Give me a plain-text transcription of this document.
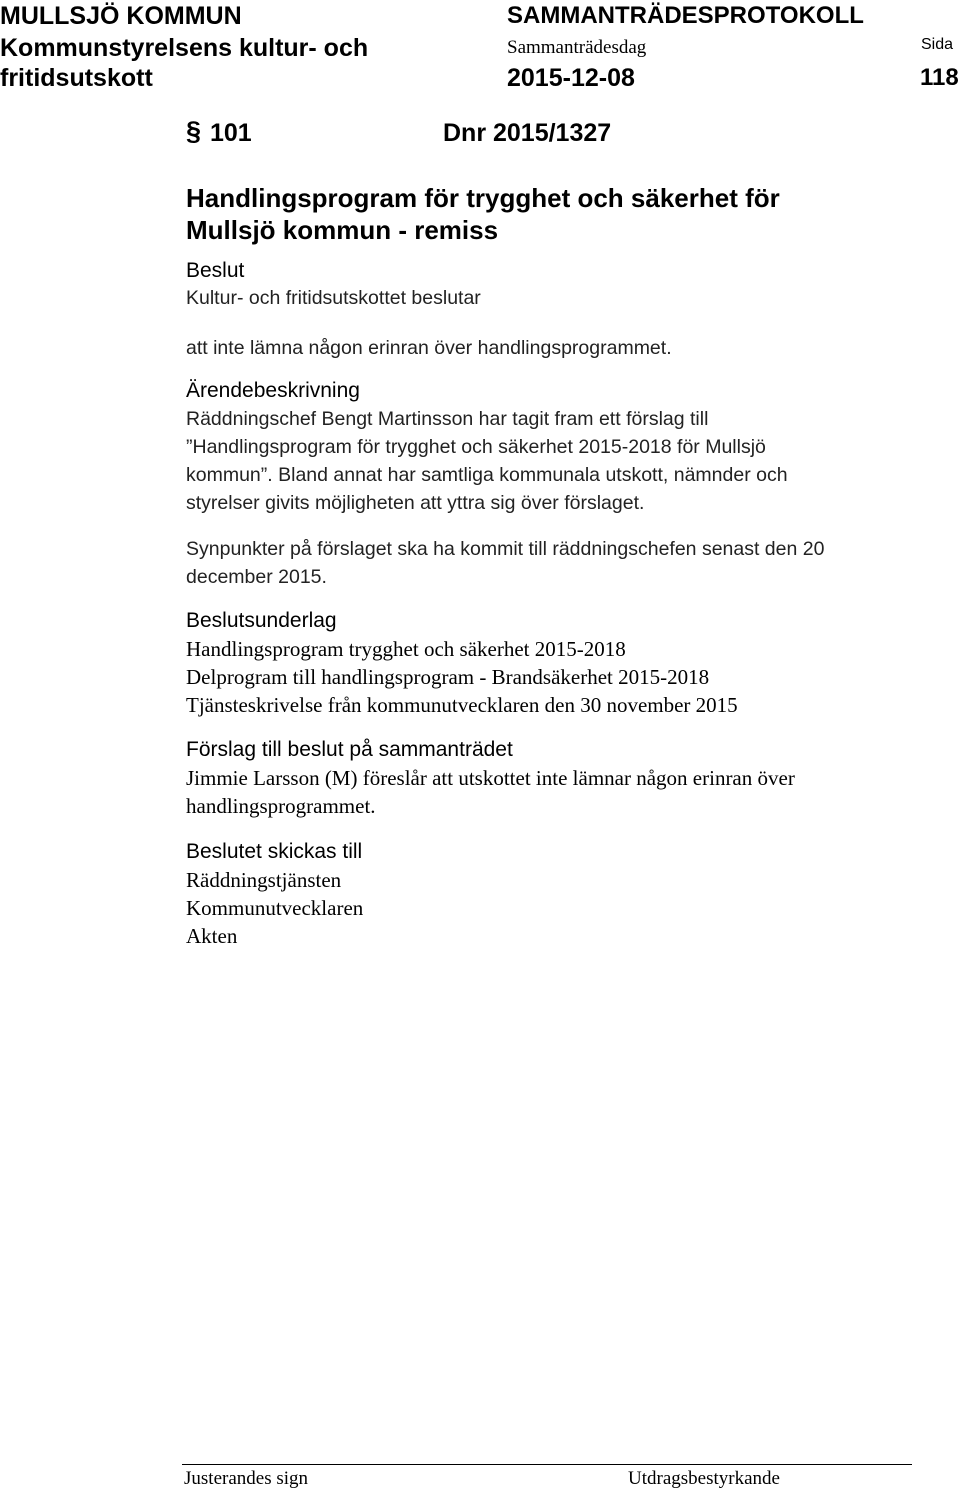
MULLSJÖ KOMMUN
Kommunstyrelsens kultur- och
fritidsutskott
SAMMANTRÄDESPROTOKOLL
Sammanträdesdag
2015-12-08
Sida
118
§ 101	Dnr 2015/1327
Handlingsprogram för trygghet och säkerhet för
Mullsjö kommun - remiss
Beslut
Kultur- och fritidsutskottet beslutar
att inte lämna någon erinran över handlingsprogrammet.
Ärendebeskrivning
Räddningschef Bengt Martinsson har tagit fram ett förslag till
”Handlingsprogram för trygghet och säkerhet 2015-2018 för Mullsjö
kommun”. Bland annat har samtliga kommunala utskott, nämnder och
styrelser givits möjligheten att yttra sig över förslaget.
Synpunkter på förslaget ska ha kommit till räddningschefen senast den 20
december 2015.
Beslutsunderlag
Handlingsprogram trygghet och säkerhet 2015-2018
Delprogram till handlingsprogram - Brandsäkerhet 2015-2018
Tjänsteskrivelse från kommunutvecklaren den 30 november 2015
Förslag till beslut på sammanträdet
Jimmie Larsson (M) föreslår att utskottet inte lämnar någon erinran över
handlingsprogrammet.
Beslutet skickas till
Räddningstjänsten
Kommunutvecklaren
Akten
Justerandes sign	Utdragsbestyrkande
